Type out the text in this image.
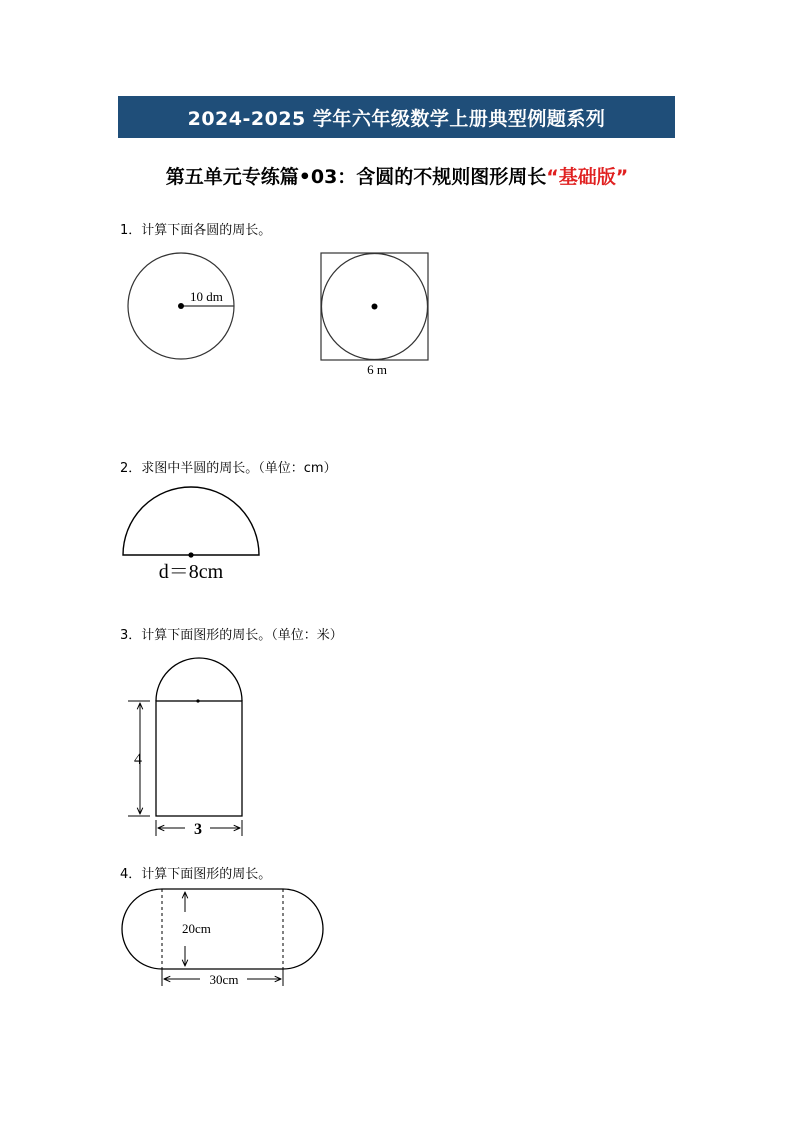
2024-2025 学年六年级数学上册典型例题系列
第五单元专练篇•03：含圆的不规则图形周长“基础版”
1．计算下面各圆的周长。
2．求图中半圆的周长。（单位：cm）
3．计算下面图形的周长。（单位：米）
4．计算下面图形的周长。
10 dm
6 m
d＝8cm
4
3
20cm
30cm
